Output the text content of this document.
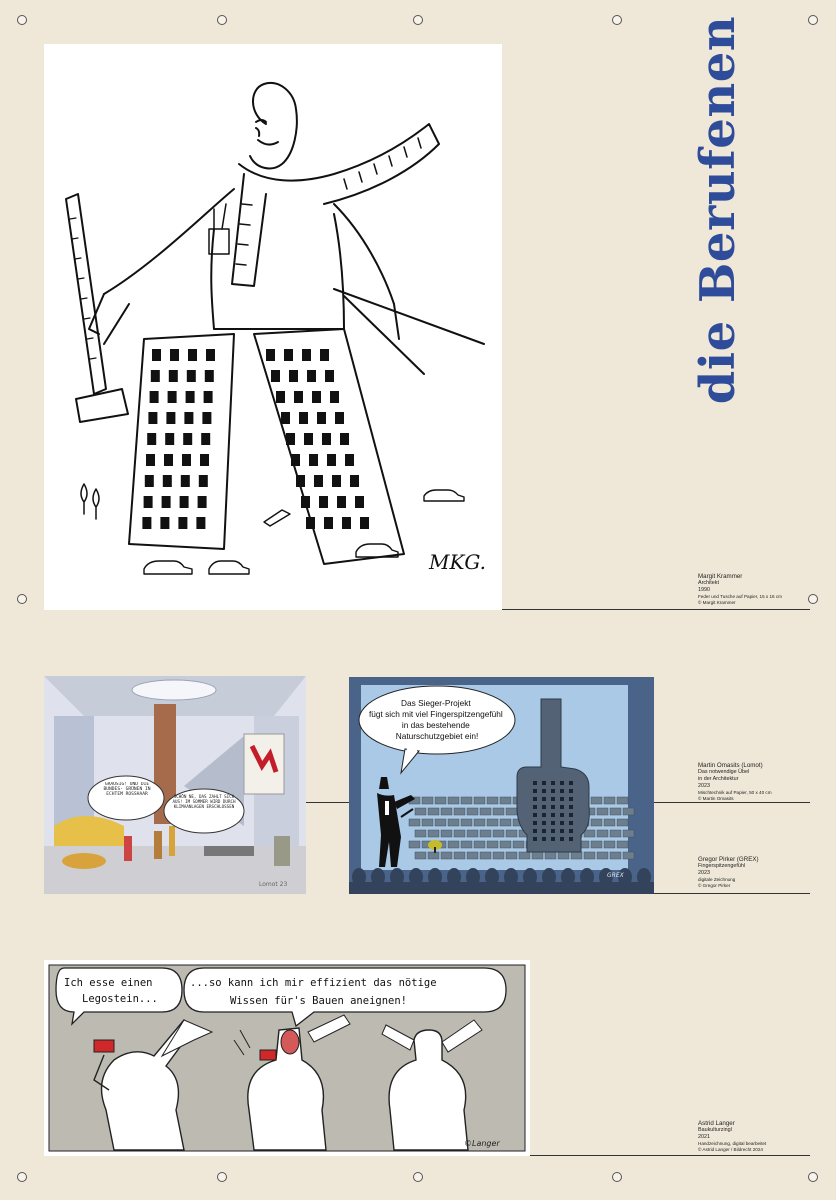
die Berufenen
MKG.
Margit Krammer
Architekt
1990
Feder und Tusche auf Papier, 15 x 16 cm
© Margit Krammer
GRAUSIG! UND DIE BUNDES- GRÜNEN IN ECHTEM ROSSHAAR	SCHÖN NE, DAS ZAHLT SICH AUS! IM SOMMER WIRD DURCH KLIMAANLAGEN ERSCHLOSSEN
Lomot 23
Das Sieger-Projekt fügt sich mit viel Fingerspitzengefühl in das bestehende Naturschutzgebiet ein!
GREX
Martin Omasits (Lomot)
Das notwendige Übel
in der Architektur
2023
Mischtechnik auf Papier, 50 x 40 cm
© Martin Omasits
Gregor Pirker (GREX)
Fingerspitzengefühl
2023
digitale Zeichnung
© Gregor Pirker
Ich esse einen Legostein...
...so kann ich mir effizient das nötige Wissen für's Bauen aneignen!
©Langer
Astrid Langer
Baukulturzingl
2021
Handzeichnung, digital bearbeitet
© Astrid Langer / Bildrecht 2024
